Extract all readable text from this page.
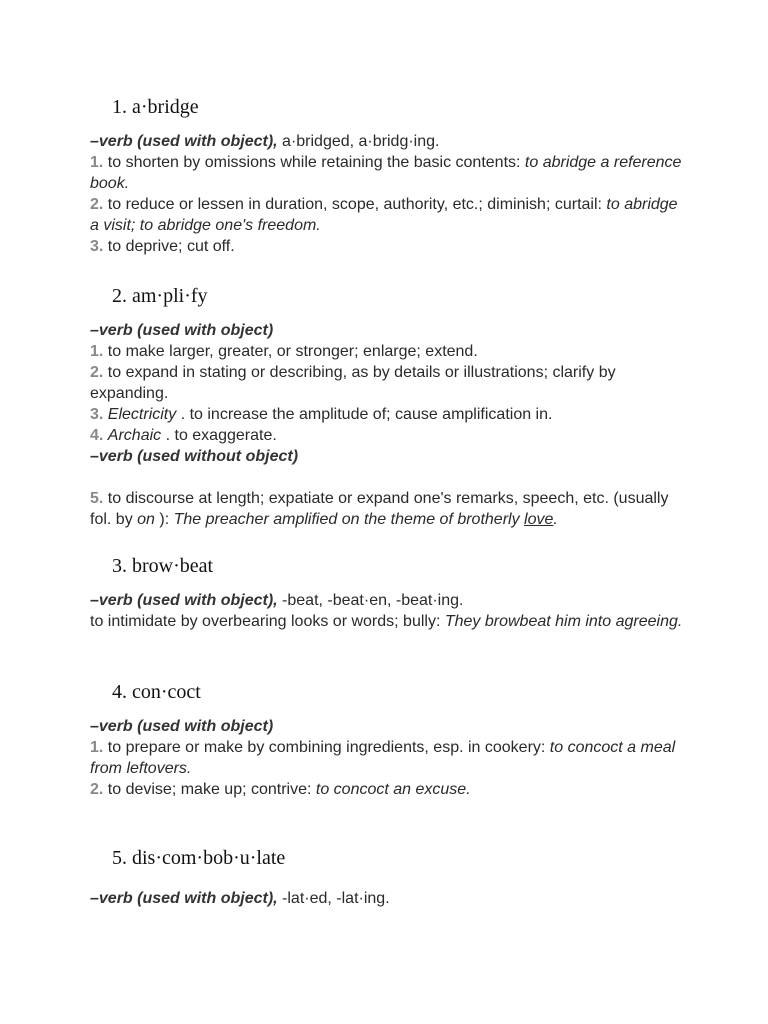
1. a·bridge
–verb (used with object), a·bridged, a·bridg·ing.
1. to shorten by omissions while retaining the basic contents: to abridge a reference book.
2. to reduce or lessen in duration, scope, authority, etc.; diminish; curtail: to abridge a visit; to abridge one's freedom.
3. to deprive; cut off.
2. am·pli·fy
–verb (used with object)
1. to make larger, greater, or stronger; enlarge; extend.
2. to expand in stating or describing, as by details or illustrations; clarify by expanding.
3. Electricity . to increase the amplitude of; cause amplification in.
4. Archaic . to exaggerate.
–verb (used without object)
5. to discourse at length; expatiate or expand one's remarks, speech, etc. (usually fol. by on ): The preacher amplified on the theme of brotherly love.
3. brow·beat
–verb (used with object), -beat, -beat·en, -beat·ing.
to intimidate by overbearing looks or words; bully: They browbeat him into agreeing.
4. con·coct
–verb (used with object)
1. to prepare or make by combining ingredients, esp. in cookery: to concoct a meal from leftovers.
2. to devise; make up; contrive: to concoct an excuse.
5. dis·com·bob·u·late
–verb (used with object), -lat·ed, -lat·ing.
